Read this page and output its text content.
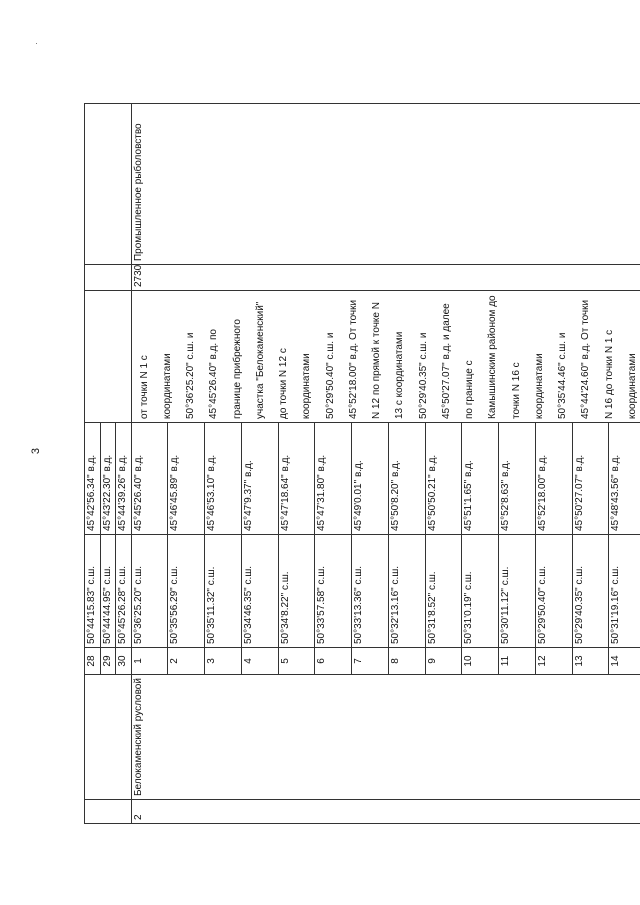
·
3
		28	50°44'15.83" с.ш.	45°42'56.34" в.д.			
		29	50°44'44.95" с.ш.	45°43'22.30" в.д.			
		30	50°45'26.28" с.ш.	45°44'39.26" в.д.			
2	Белокаменский русловой	1	50°36'25.20" с.ш.	45°45'26.40" в.д.	от точки N 1 с координатами 50°36'25.20" с.ш. и 45°45'26.40" в.д. по границе прибрежного участка "Белокаменский" до точки N 12 с координатами 50°29'50.40" с.ш. и 45°52'18.00" в.д. От точки N 12 по прямой к точке N 13 с координатами 50°29'40.35" с.ш. и 45°50'27.07" в.д. и далее по границе с Камышинским районом до точки N 16 с координатами 50°35'44.46" с.ш. и 45°44'24.60" в.д. От точки N 16 до точки N 1 с координатами	2730	Промышленное рыболовство
		2	50°35'56.29" с.ш.	45°46'45.89" в.д.			
		3	50°35'11.32" с.ш.	45°46'53.10" в.д.			
		4	50°34'46.35" с.ш.	45°47'9.37" в.д.			
		5	50°34'8.22" с.ш.	45°47'18.64" в.д.			
		6	50°33'57.58" с.ш.	45°47'31.80" в.д.			
		7	50°33'13.36" с.ш.	45°49'0.01" в.д.			
		8	50°32'13.16" с.ш.	45°50'8.20" в.д.			
		9	50°31'8.52" с.ш.	45°50'50.21" в.д.			
		10	50°31'0.19" с.ш.	45°51'1.65" в.д.			
		11	50°30'11.12" с.ш.	45°52'8.63" в.д.			
		12	50°29'50.40" с.ш.	45°52'18.00" в.д.			
		13	50°29'40.35" с.ш.	45°50'27.07" в.д.			
		14	50°31'19.16" с.ш.	45°48'43.56" в.д.			
